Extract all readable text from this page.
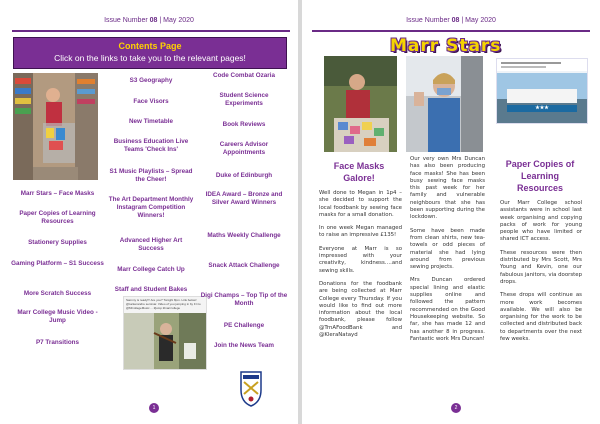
Issue Number 08 | May 2020
Contents Page
Click on the links to take you to the relevant pages!
Marr Stars – Face Masks
Paper Copies of Learning Resources
Stationery Supplies
Gaming Platform – S1 Success
More Scratch Success
Marr College Music Video - Jump
P7 Transitions
S3 Geography
Face Visors
New Timetable
Business Education Live Teams 'Check Ins'
S1 Music Playlists – Spread the Cheer!
The Art Department Monthly Instagram Competition Winners!
Advanced Higher Art Success
Marr College Catch Up
Staff and Student Bakes
Sammy is ready!!! Are you? Tonight 8pm. Link below! @tuckerandre seminar. Video of you jumping in by Fri to @MCollegeMusic ... #jump #marrcollege
Code Combat Ozaria
Student Science Experiments
Book Reviews
Careers Advisor Appointments
Duke of Edinburgh
IDEA Award – Bronze and Silver Award Winners
Maths Weekly Challenge
Snack Attack Challenge
Digi Champs – Top Tip of the Month
PE Challenge
Join the News Team
1
Issue Number 08 | May 2020
Marr Stars
★★★
Face Masks Galore!

Well done to Megan in 1p4 – she decided to support the local foodbank by sewing face masks for a small donation.

In one week Megan managed to raise an impressive £135!

Everyone at Marr is so impressed with your creativity, kindness….and sewing skills.

Donations for the foodbank are being collected at Marr College every Thursday. If you would like to find out more information about the local foodbank, please follow @TrnAFoodBank and @KleraNatayd

Our very own Mrs Duncan has also been producing face masks! She has been busy sewing face masks this past week for her family and vulnerable neighbours that she has been supporting during the lockdown.

Some have been made from clean shirts, new tea-towels or odd pieces of material she had lying around from previous sewing projects.

Mrs Duncan ordered special lining and elastic supplies online and followed the pattern recommended on the Good Housekeeping website. So far, she has made 12 and has another 8 in progress. Fantastic work Mrs Duncan!

Paper Copies of Learning Resources

Our Marr College school assistants were in school last week organising and copying packs of work for young people who have limited or shared ICT access.

These resources were then distributed by Mrs Scott, Mrs Young and Kevin, one our fabulous janitors, via doorstep drops.

These drops will continue as more work becomes available. We will also be organising for the work to be collected and distributed back to departments over the next few weeks.

2
